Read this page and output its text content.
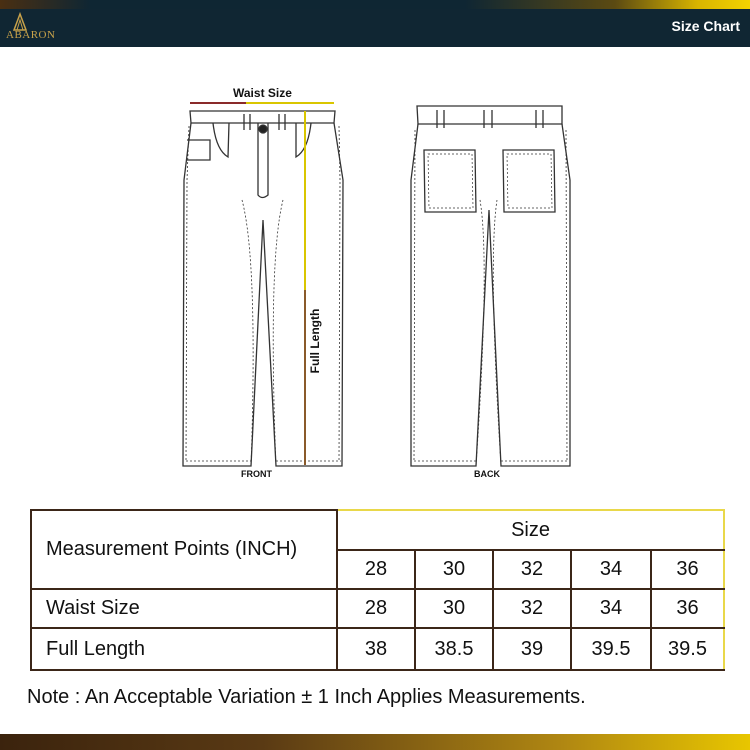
ABARON
Size Chart
Waist Size
Full Length
FRONT	BACK
Measurement Points (INCH)	Size				
	28	30	32	34	36
Waist Size	28	30	32	34	36
Full Length	38	38.5	39	39.5	39.5
Note : An Acceptable Variation ± 1 Inch Applies Measurements.
